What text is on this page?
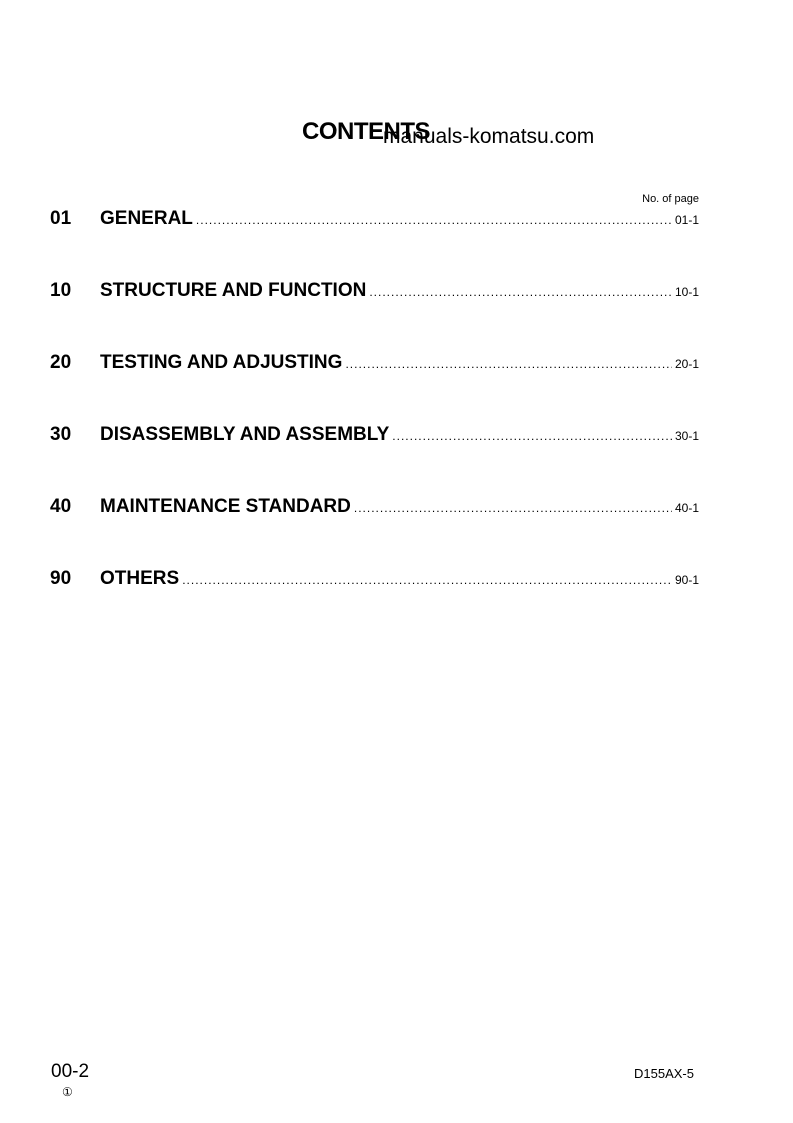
CONTENTS
manuals-komatsu.com
No. of page
01	GENERAL .....	01-1
10	STRUCTURE AND FUNCTION .....	10-1
20	TESTING AND ADJUSTING .....	20-1
30	DISASSEMBLY AND ASSEMBLY .....	30-1
40	MAINTENANCE STANDARD .....	40-1
90	OTHERS .....	90-1
00-2
①
D155AX-5
